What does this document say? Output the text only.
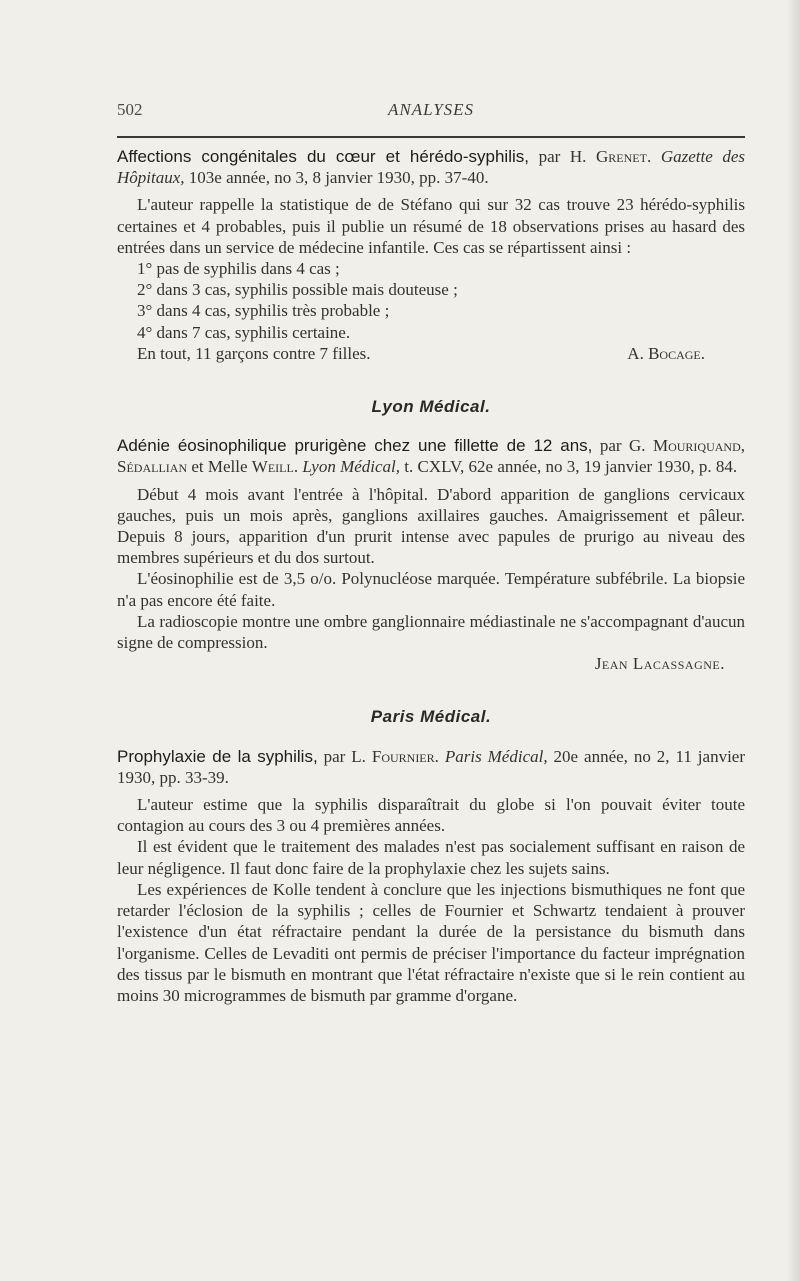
502	ANALYSES

Affections congénitales du cœur et hérédo-syphilis, par H. Grenet. Gazette des Hôpitaux, 103e année, no 3, 8 janvier 1930, pp. 37-40.

L'auteur rappelle la statistique de de Stéfano qui sur 32 cas trouve 23 hérédo-syphilis certaines et 4 probables, puis il publie un résumé de 18 observations prises au hasard des entrées dans un service de médecine infantile. Ces cas se répartissent ainsi :

1° pas de syphilis dans 4 cas ;

2° dans 3 cas, syphilis possible mais douteuse ;

3° dans 4 cas, syphilis très probable ;

4° dans 7 cas, syphilis certaine.

En tout, 11 garçons contre 7 filles.	A. Bocage.

Lyon Médical.

Adénie éosinophilique prurigène chez une fillette de 12 ans, par G. Mouriquand, Sédallian et Melle Weill. Lyon Médical, t. CXLV, 62e année, no 3, 19 janvier 1930, p. 84.

Début 4 mois avant l'entrée à l'hôpital. D'abord apparition de ganglions cervicaux gauches, puis un mois après, ganglions axillaires gauches. Amaigrissement et pâleur. Depuis 8 jours, apparition d'un prurit intense avec papules de prurigo au niveau des membres supérieurs et du dos surtout.

L'éosinophilie est de 3,5 o/o. Polynucléose marquée. Température subfébrile. La biopsie n'a pas encore été faite.

La radioscopie montre une ombre ganglionnaire médiastinale ne s'accompagnant d'aucun signe de compression.

Jean Lacassagne.

Paris Médical.

Prophylaxie de la syphilis, par L. Fournier. Paris Médical, 20e année, no 2, 11 janvier 1930, pp. 33-39.

L'auteur estime que la syphilis disparaîtrait du globe si l'on pouvait éviter toute contagion au cours des 3 ou 4 premières années.

Il est évident que le traitement des malades n'est pas socialement suffisant en raison de leur négligence. Il faut donc faire de la prophylaxie chez les sujets sains.

Les expériences de Kolle tendent à conclure que les injections bismuthiques ne font que retarder l'éclosion de la syphilis ; celles de Fournier et Schwartz tendaient à prouver l'existence d'un état réfractaire pendant la durée de la persistance du bismuth dans l'organisme. Celles de Levaditi ont permis de préciser l'importance du facteur imprégnation des tissus par le bismuth en montrant que l'état réfractaire n'existe que si le rein contient au moins 30 microgrammes de bismuth par gramme d'organe.
